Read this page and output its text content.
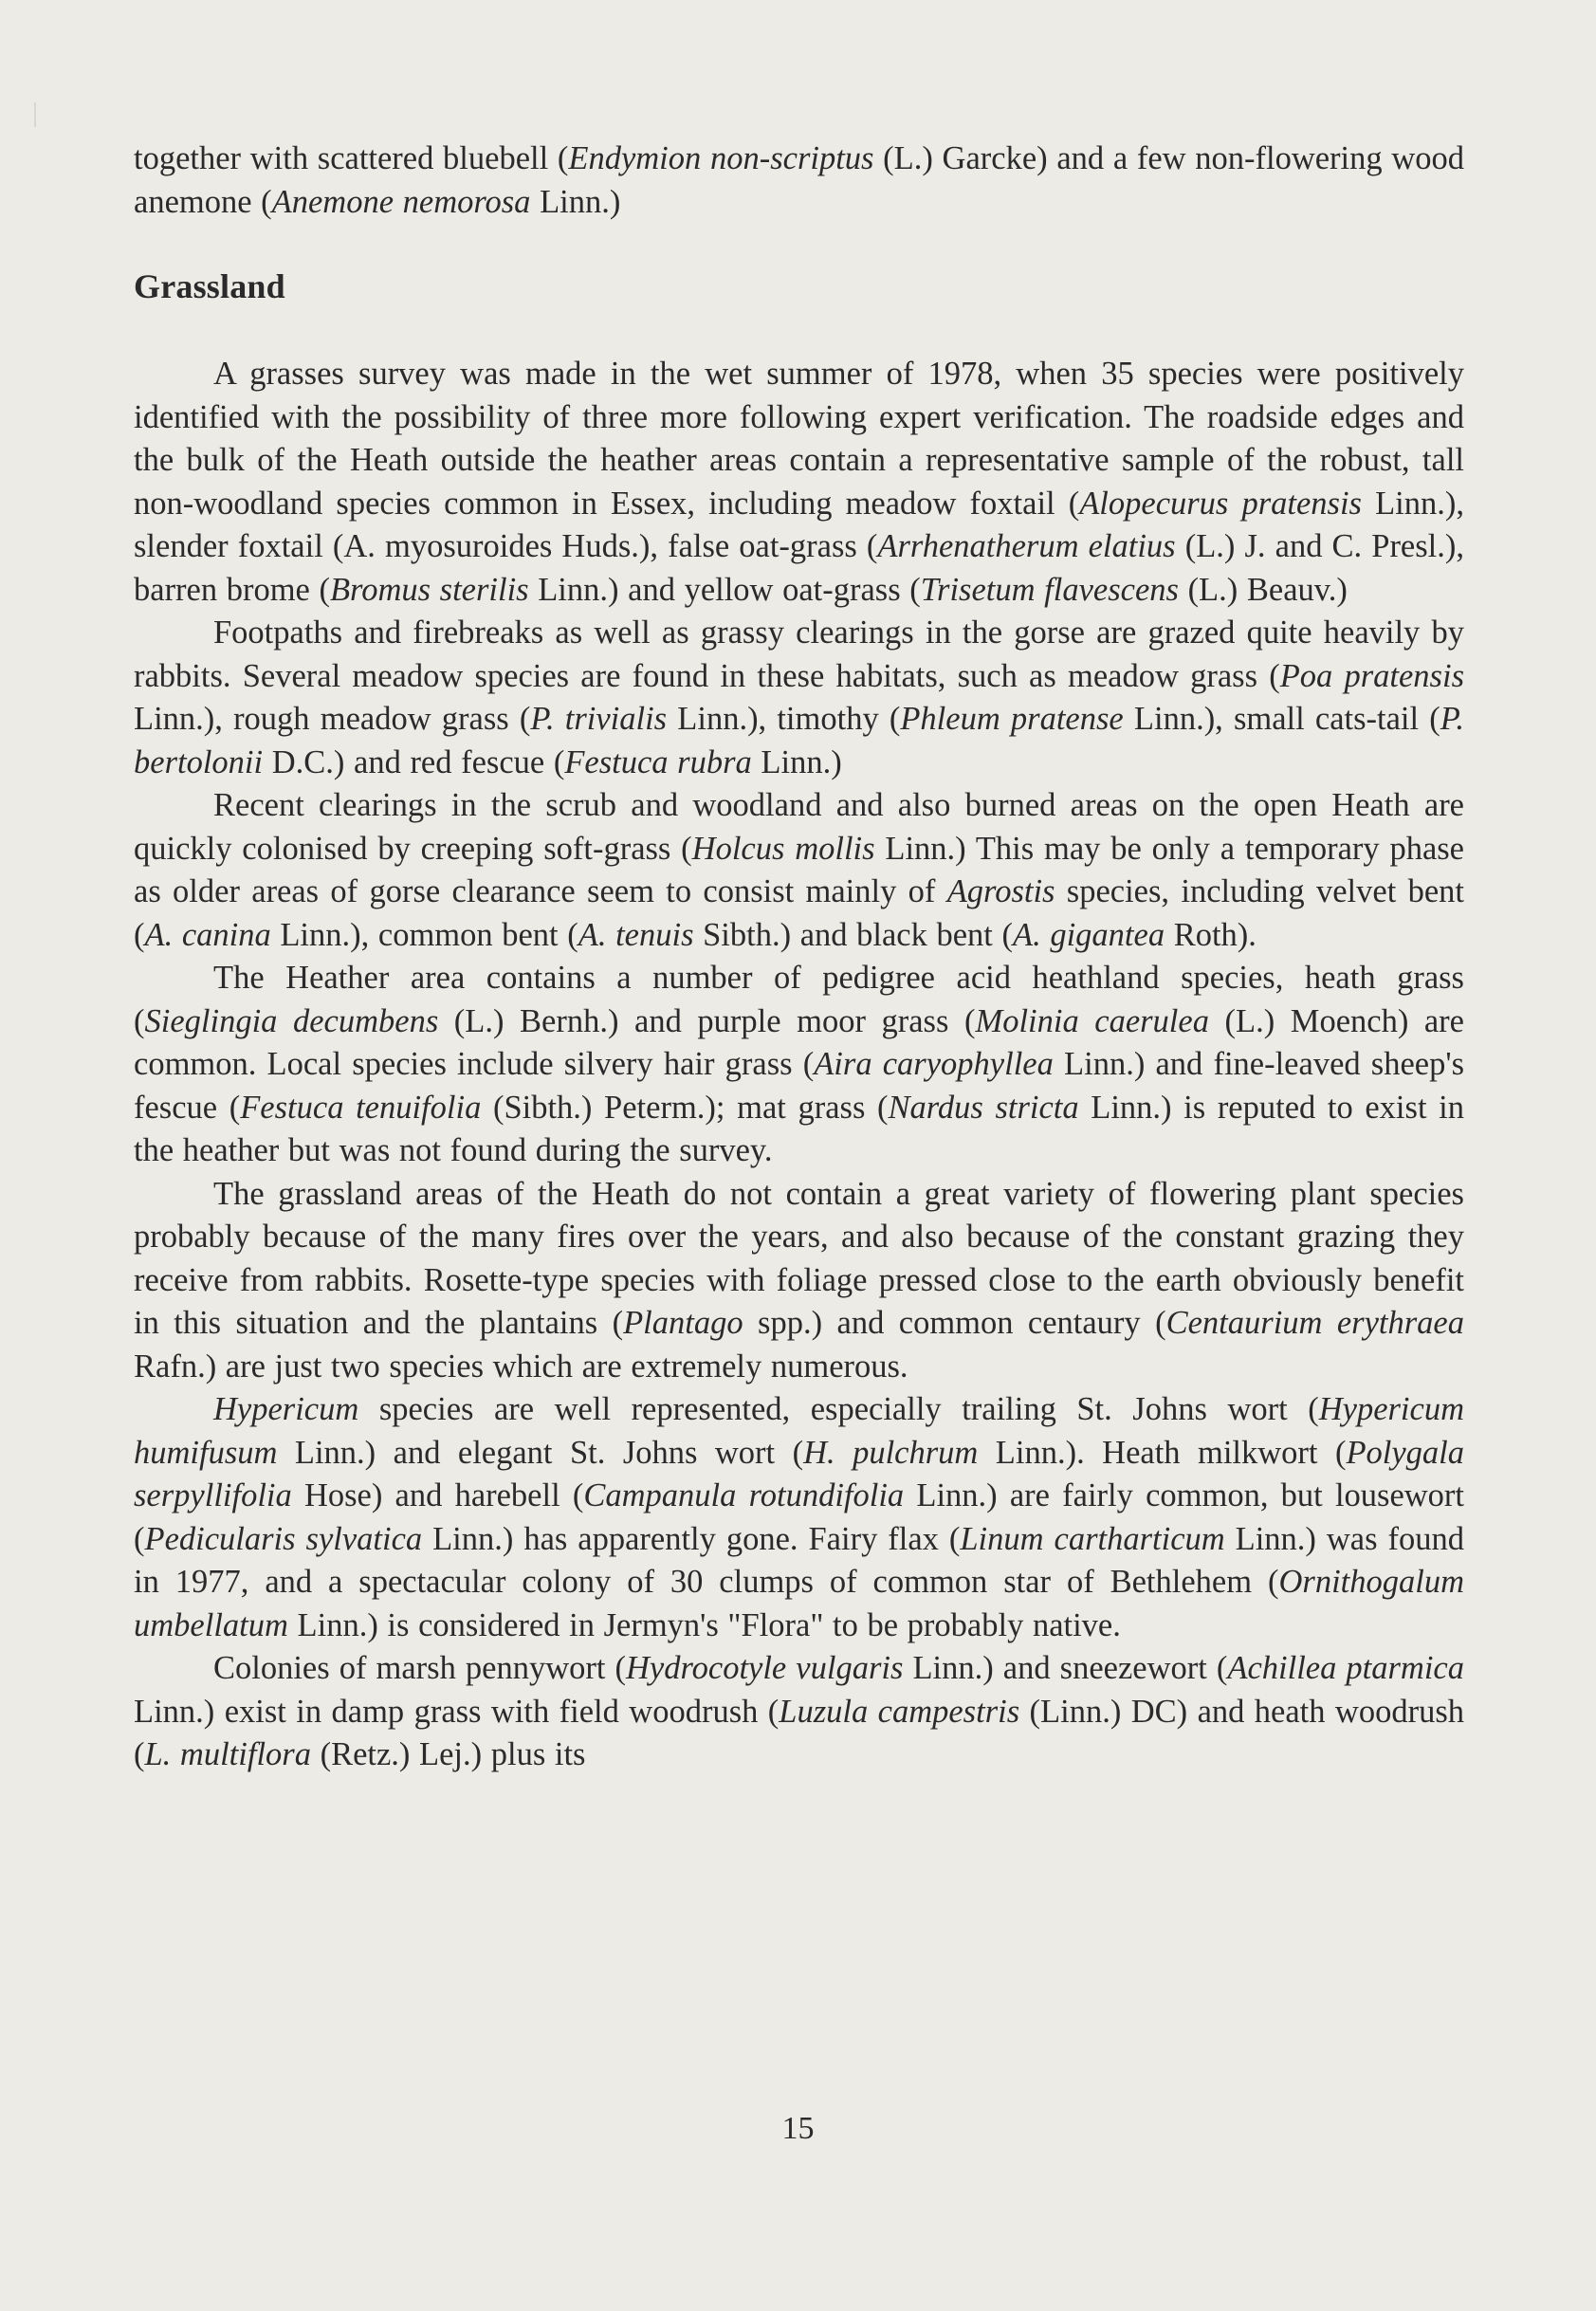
together with scattered bluebell (Endymion non-scriptus (L.) Garcke) and a few non-flowering wood anemone (Anemone nemorosa Linn.)

Grassland

A grasses survey was made in the wet summer of 1978, when 35 species were positively identified with the possibility of three more following expert verification. The roadside edges and the bulk of the Heath outside the heather areas contain a representative sample of the robust, tall non-woodland species common in Essex, including meadow foxtail (Alopecurus pratensis Linn.), slender foxtail (A. myosuroides Huds.), false oat-grass (Arrhenatherum elatius (L.) J. and C. Presl.), barren brome (Bromus sterilis Linn.) and yellow oat-grass (Trisetum flavescens (L.) Beauv.)

Footpaths and firebreaks as well as grassy clearings in the gorse are grazed quite heavily by rabbits. Several meadow species are found in these habitats, such as meadow grass (Poa pratensis Linn.), rough meadow grass (P. trivialis Linn.), timothy (Phleum pratense Linn.), small cats-tail (P. bertolonii D.C.) and red fescue (Festuca rubra Linn.)

Recent clearings in the scrub and woodland and also burned areas on the open Heath are quickly colonised by creeping soft-grass (Holcus mollis Linn.) This may be only a temporary phase as older areas of gorse clearance seem to consist mainly of Agrostis species, including velvet bent (A. canina Linn.), common bent (A. tenuis Sibth.) and black bent (A. gigantea Roth).

The Heather area contains a number of pedigree acid heathland species, heath grass (Sieglingia decumbens (L.) Bernh.) and purple moor grass (Molinia caerulea (L.) Moench) are common. Local species include silvery hair grass (Aira caryophyllea Linn.) and fine-leaved sheep's fescue (Festuca tenuifolia (Sibth.) Peterm.); mat grass (Nardus stricta Linn.) is reputed to exist in the heather but was not found during the survey.

The grassland areas of the Heath do not contain a great variety of flowering plant species probably because of the many fires over the years, and also because of the constant grazing they receive from rabbits. Rosette-type species with foliage pressed close to the earth obviously benefit in this situation and the plantains (Plantago spp.) and common centaury (Centaurium erythraea Rafn.) are just two species which are extremely numerous.

Hypericum species are well represented, especially trailing St. Johns wort (Hypericum humifusum Linn.) and elegant St. Johns wort (H. pulchrum Linn.). Heath milkwort (Polygala serpyllifolia Hose) and harebell (Campanula rotundifolia Linn.) are fairly common, but lousewort (Pedicularis sylvatica Linn.) has apparently gone. Fairy flax (Linum cartharticum Linn.) was found in 1977, and a spectacular colony of 30 clumps of common star of Bethlehem (Ornithogalum umbellatum Linn.) is considered in Jermyn's "Flora" to be probably native.

Colonies of marsh pennywort (Hydrocotyle vulgaris Linn.) and sneezewort (Achillea ptarmica Linn.) exist in damp grass with field woodrush (Luzula campestris (Linn.) DC) and heath woodrush (L. multiflora (Retz.) Lej.) plus its

15
